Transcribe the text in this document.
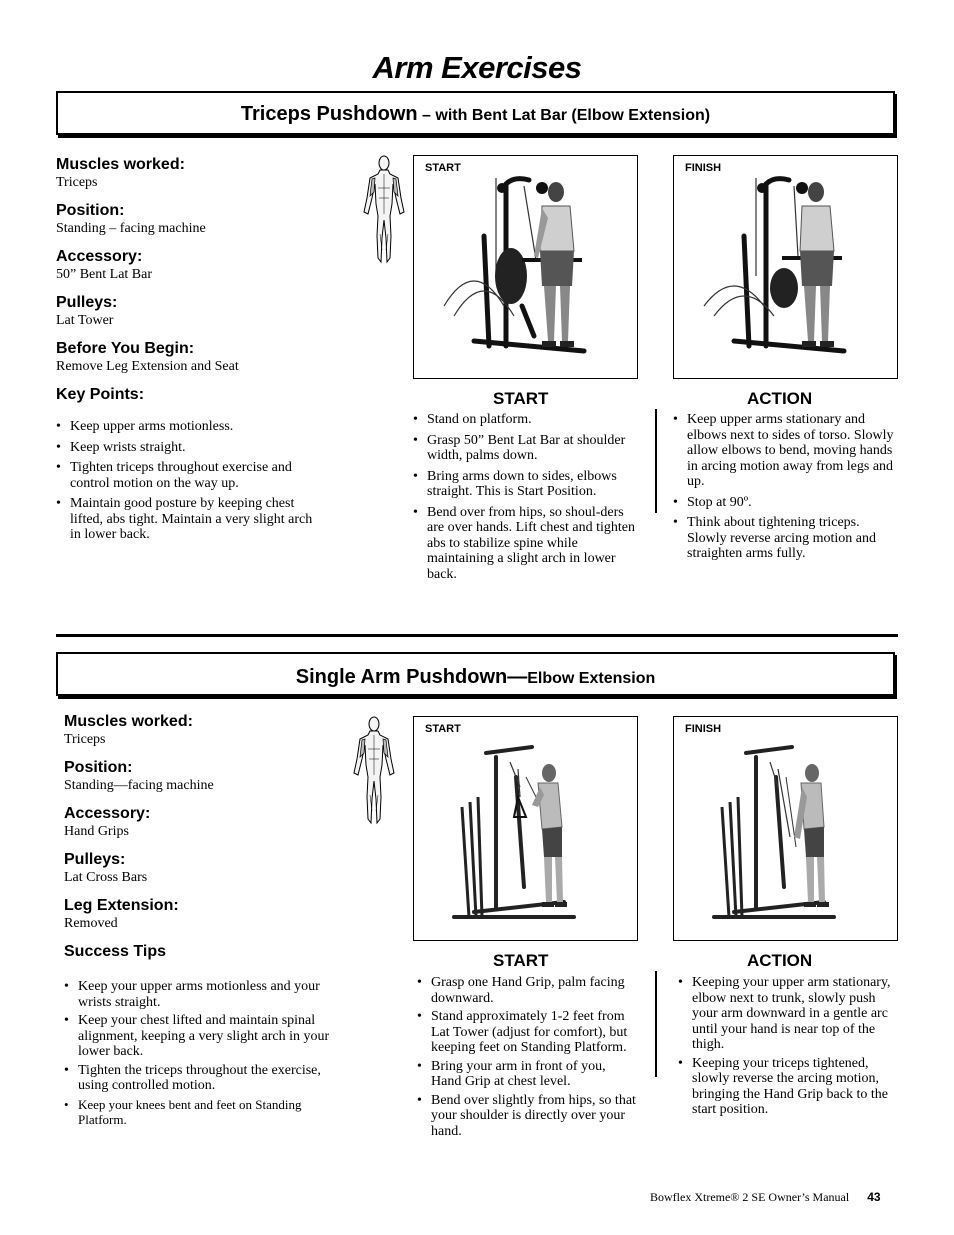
Arm Exercises
Triceps Pushdown – with Bent Lat Bar (Elbow Extension)
Muscles worked:

Triceps

Position:

Standing – facing machine

Accessory:

50” Bent Lat Bar

Pulleys:

Lat Tower

Before You Begin:

Remove Leg Extension and Seat

Key Points:
• Keep upper arms motionless.
• Keep wrists straight.
• Tighten triceps throughout exercise and control motion on the way up.
• Maintain good posture by keeping chest lifted, abs tight. Maintain a very slight arch in lower back.
START	FINISH
START
• Stand on platform.
• Grasp 50” Bent Lat Bar at shoulder width, palms down.
• Bring arms down to sides, elbows straight. This is Start Position.
• Bend over from hips, so shoul-ders are over hands. Lift chest and tighten abs to stabilize spine while maintaining a slight arch in lower back.
ACTION
• Keep upper arms stationary and elbows next to sides of torso. Slowly allow elbows to bend, moving hands in arcing motion away from legs and up.
• Stop at 90º.
• Think about tightening triceps. Slowly reverse arcing motion and straighten arms fully.
Single Arm Pushdown—Elbow Extension
Muscles worked:

Triceps

Position:

Standing—facing machine

Accessory:

Hand Grips

Pulleys:

Lat Cross Bars

Leg Extension:

Removed

Success Tips
• Keep your upper arms motionless and your wrists straight.
• Keep your chest lifted and maintain spinal alignment, keeping a very slight arch in your lower back.
• Tighten the triceps throughout the exercise, using controlled motion.
• Keep your knees bent and feet on Standing Platform.
START	FINISH
START
• Grasp one Hand Grip, palm facing downward.
• Stand approximately 1-2 feet from Lat Tower (adjust for comfort), but keeping feet on Standing Platform.
• Bring your arm in front of you, Hand Grip at chest level.
• Bend over slightly from hips, so that your shoulder is directly over your hand.
ACTION
• Keeping your upper arm stationary, elbow next to trunk, slowly push your arm downward in a gentle arc until your hand is near top of the thigh.
• Keeping your triceps tightened, slowly reverse the arcing motion, bringing the Hand Grip back to the start position.
Bowflex Xtreme® 2 SE Owner’s Manual 43
